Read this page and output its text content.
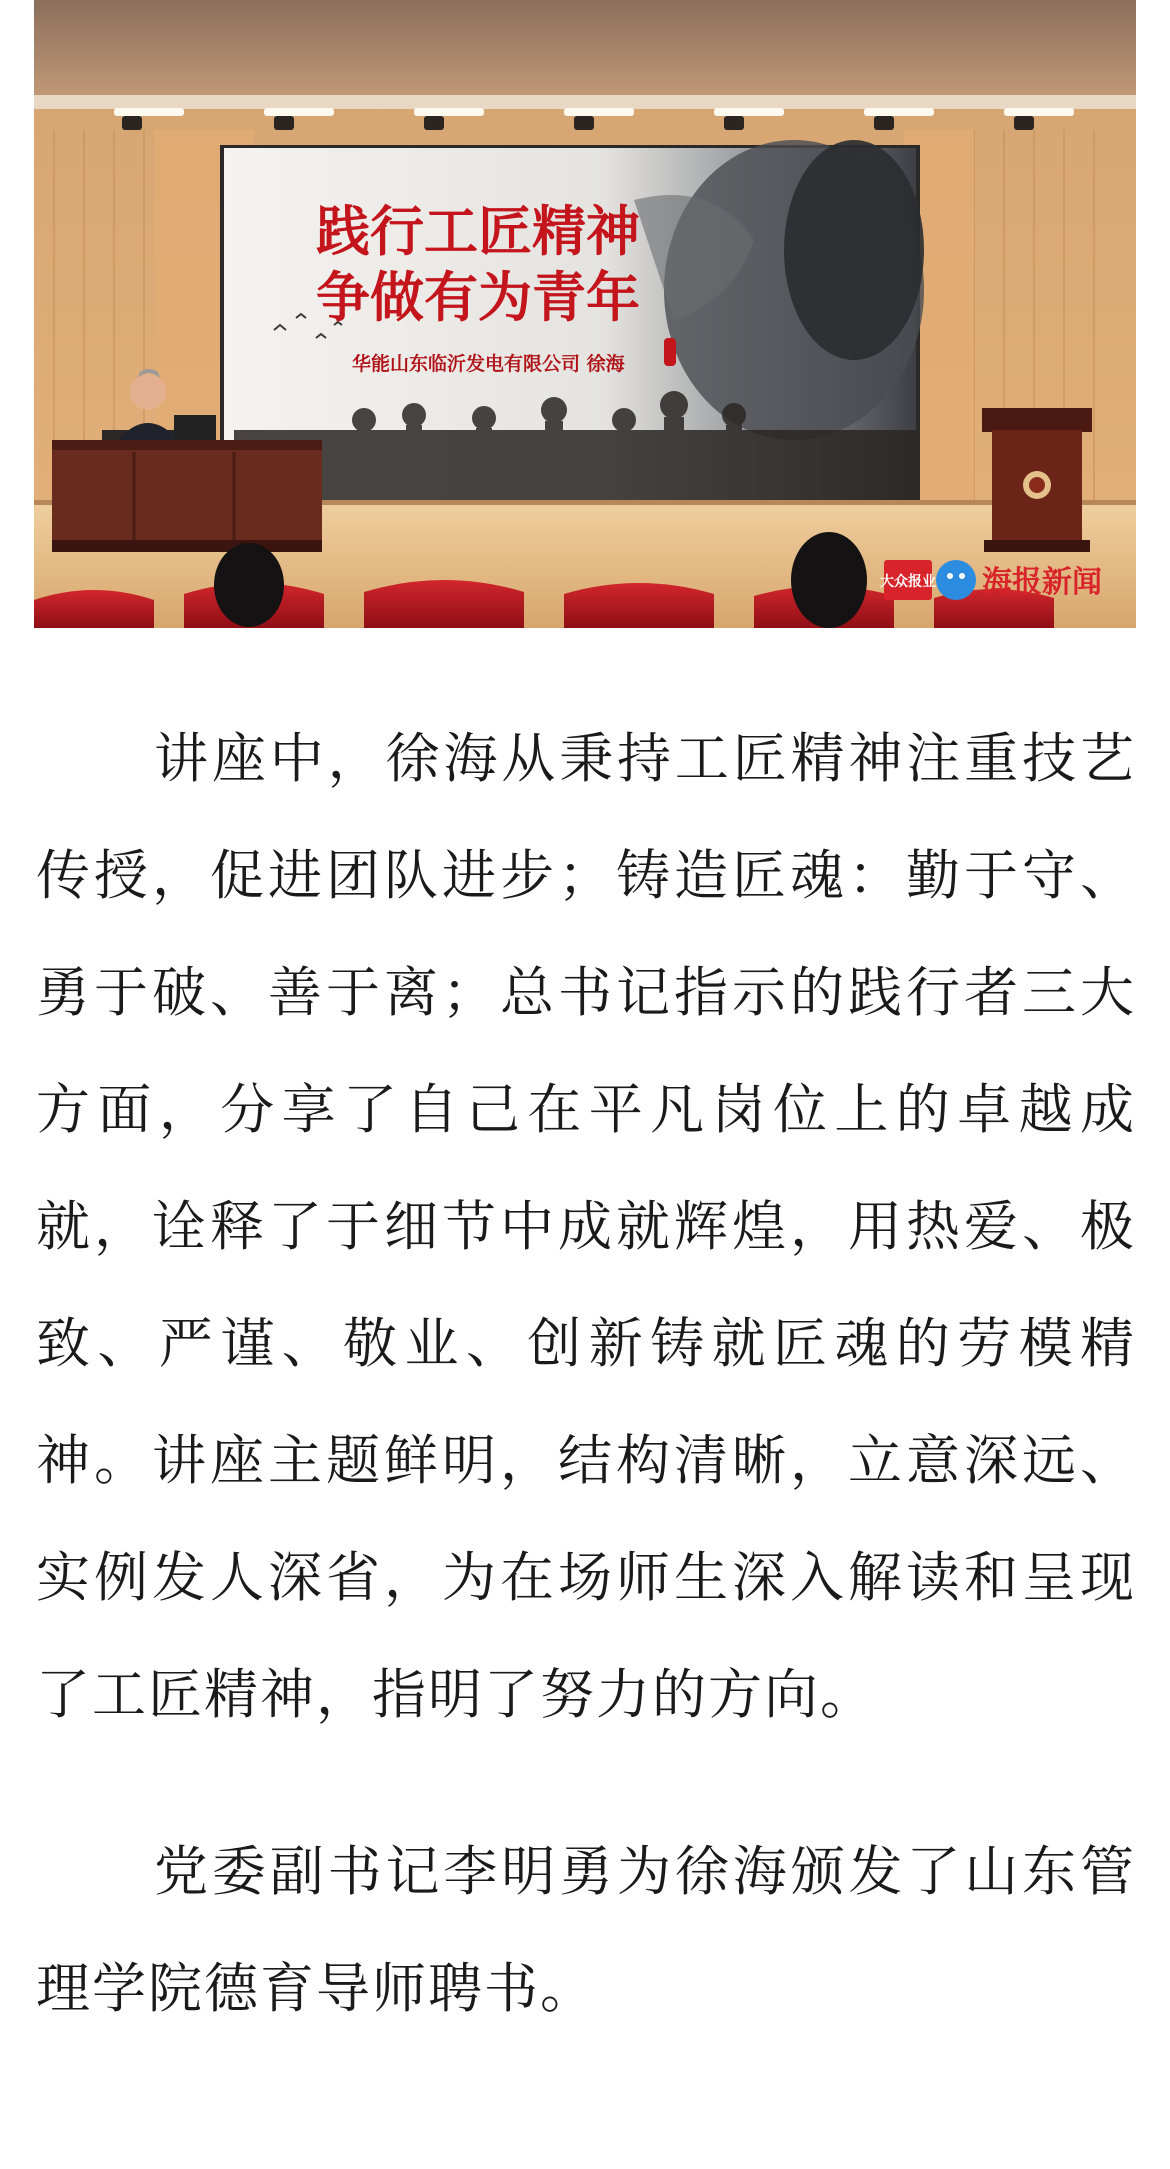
践行工匠精神
争做有为青年
华能山东临沂发电有限公司 徐海
大众报业 海报新闻

讲座中，徐海从秉持工匠精神注重技艺传授，促进团队进步；铸造匠魂：勤于守、勇于破、善于离；总书记指示的践行者三大方面，分享了自己在平凡岗位上的卓越成就，诠释了于细节中成就辉煌，用热爱、极致、严谨、敬业、创新铸就匠魂的劳模精神。讲座主题鲜明，结构清晰，立意深远、实例发人深省，为在场师生深入解读和呈现了工匠精神，指明了努力的方向。

党委副书记李明勇为徐海颁发了山东管理学院德育导师聘书。
